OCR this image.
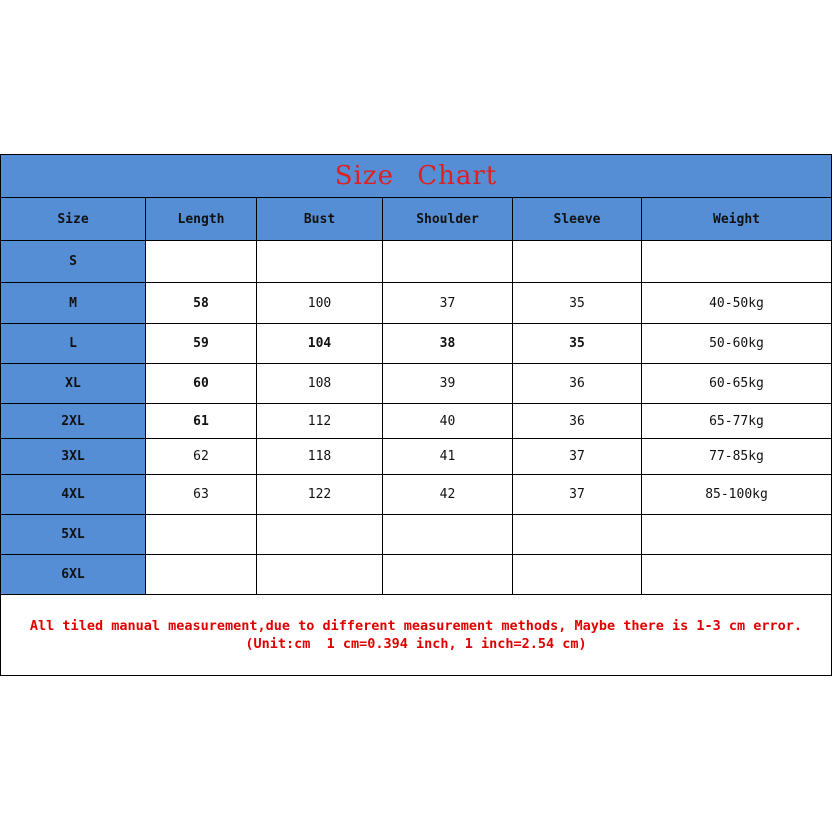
Size Chart					
Size	Length	Bust	Shoulder	Sleeve	Weight
S					
M	58	100	37	35	40-50kg
L	59	104	38	35	50-60kg
XL	60	108	39	36	60-65kg
2XL	61	112	40	36	65-77kg
3XL	62	118	41	37	77-85kg
4XL	63	122	42	37	85-100kg
5XL					
6XL					

All tiled manual measurement,due to different measurement methods, Maybe there is 1-3 cm error.
(Unit:cm  1 cm=0.394 inch, 1 inch=2.54 cm)					
